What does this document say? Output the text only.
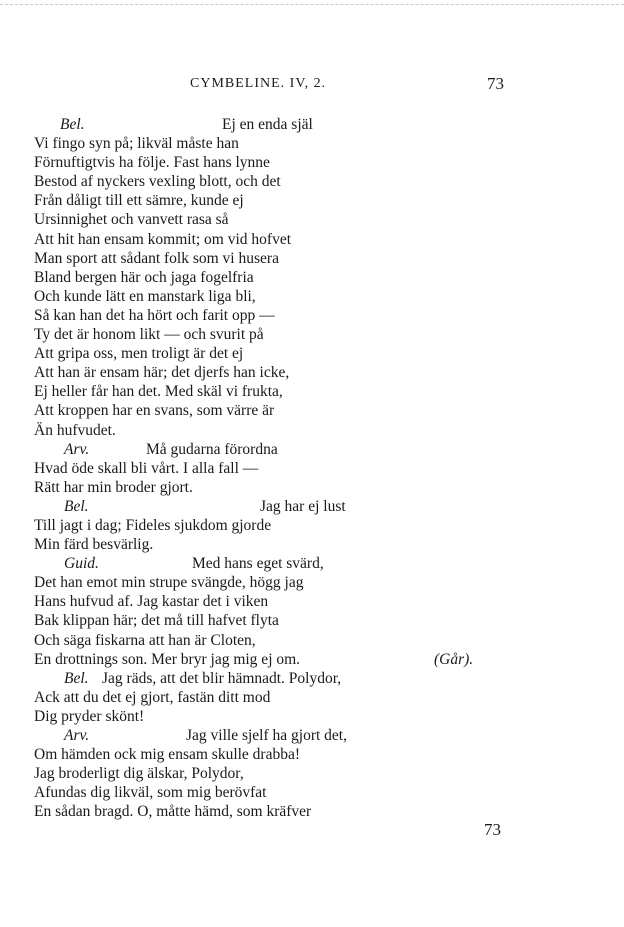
CYMBELINE. IV, 2.	73
Bel.	Ej en enda själ
Vi fingo syn på; likväl måste han
Förnuftigtvis ha följe. Fast hans lynne
Bestod af nyckers vexling blott, och det
Från dåligt till ett sämre, kunde ej
Ursinnighet och vanvett rasa så
Att hit han ensam kommit; om vid hofvet
Man sport att sådant folk som vi husera
Bland bergen här och jaga fogelfria
Och kunde lätt en manstark liga bli,
Så kan han det ha hört och farit opp —
Ty det är honom likt — och svurit på
Att gripa oss, men troligt är det ej
Att han är ensam här; det djerfs han icke,
Ej heller får han det. Med skäl vi frukta,
Att kroppen har en svans, som värre är
Än hufvudet.
Arv.	Må gudarna förordna
Hvad öde skall bli vårt. I alla fall —
Rätt har min broder gjort.
Bel.	Jag har ej lust
Till jagt i dag; Fideles sjukdom gjorde
Min färd besvärlig.
Guid.	Med hans eget svärd,
Det han emot min strupe svängde, högg jag
Hans hufvud af. Jag kastar det i viken
Bak klippan här; det må till hafvet flyta
Och säga fiskarna att han är Cloten,
En drottnings son. Mer bryr jag mig ej om.	(Går).
Bel. Jag räds, att det blir hämnadt. Polydor,
Ack att du det ej gjort, fastän ditt mod
Dig pryder skönt!
Arv.	Jag ville sjelf ha gjort det,
Om hämden ock mig ensam skulle drabba!
Jag broderligt dig älskar, Polydor,
Afundas dig likväl, som mig berövfat
En sådan bragd. O, måtte hämd, som kräfver
73
